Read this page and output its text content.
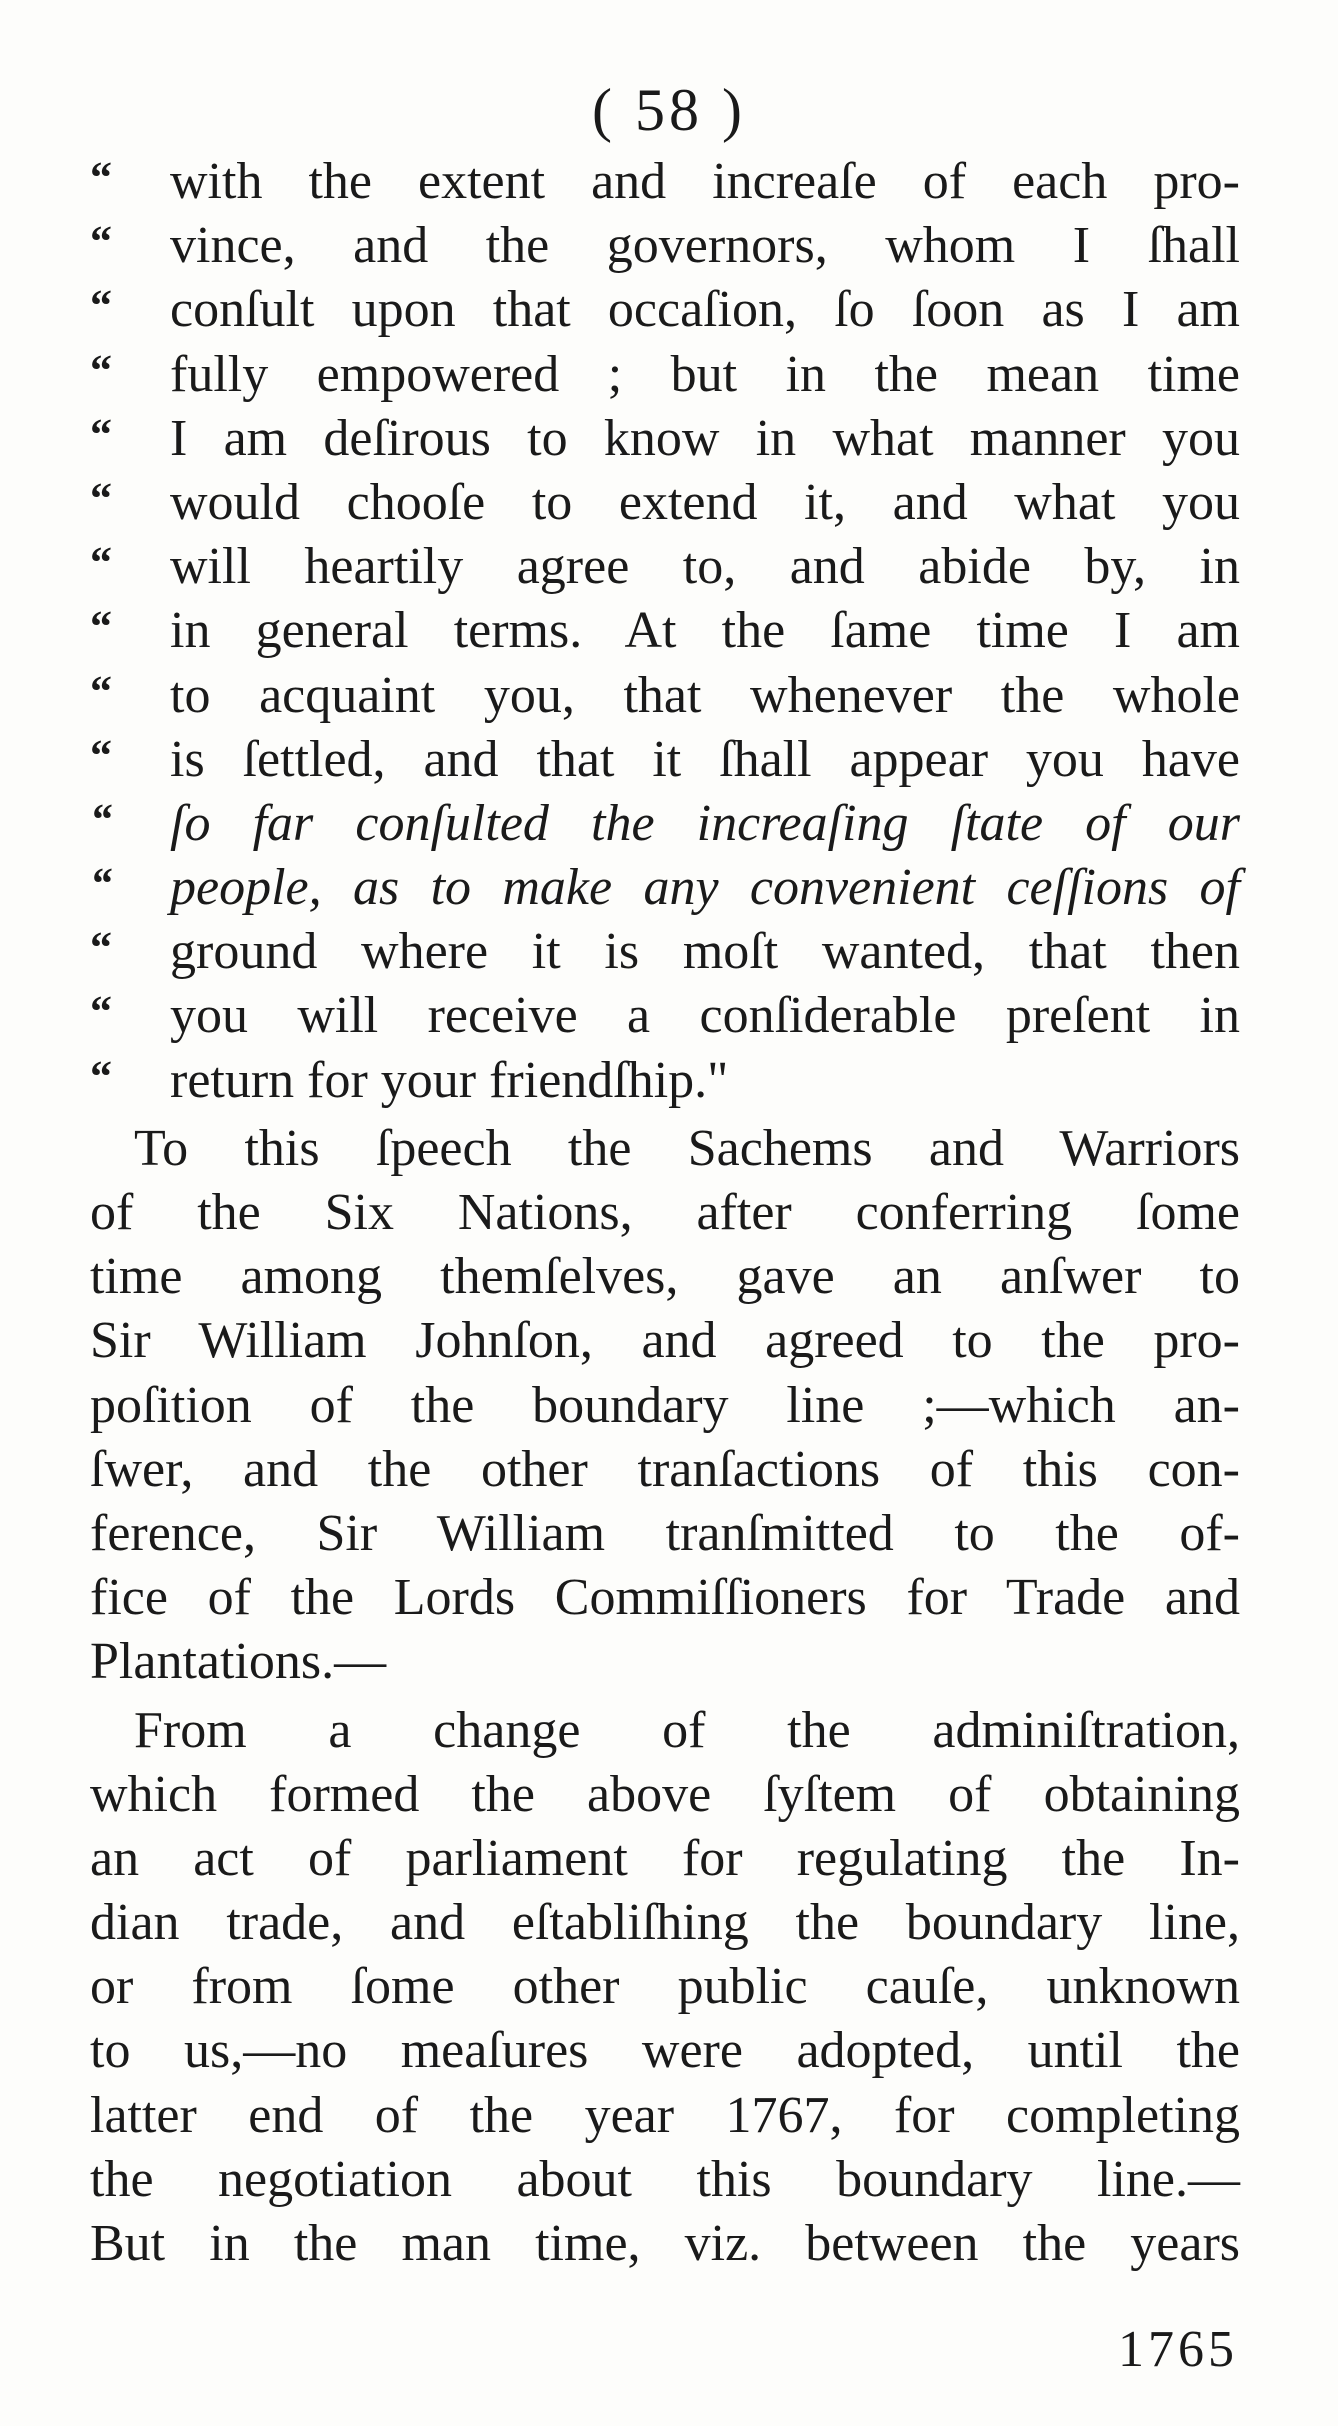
( 58 )
“ with the extent and increaſe of each pro-
“ vince, and the governors, whom I ſhall
“ conſult upon that occaſion, ſo ſoon as I am
“ fully empowered ; but in the mean time
“ I am deſirous to know in what manner you
“ would chooſe to extend it, and what you
“ will heartily agree to, and abide by, in
“ in general terms. At the ſame time I am
“ to acquaint you, that whenever the whole
“ is ſettled, and that it ſhall appear you have
“ ſo far conſulted the increaſing ſtate of our
“ people, as to make any convenient ceſſions of
“ ground where it is moſt wanted, that then
“ you will receive a conſiderable preſent in
“ return for your friendſhip."
To this ſpeech the Sachems and Warriors
of the Six Nations, after conferring ſome
time among themſelves, gave an anſwer to
Sir William Johnſon, and agreed to the pro-
poſition of the boundary line ;—which an-
ſwer, and the other tranſactions of this con-
ference, Sir William tranſmitted to the of-
fice of the Lords Commiſſioners for Trade and
Plantations.—
From a change of the adminiſtration,
which formed the above ſyſtem of obtaining
an act of parliament for regulating the In-
dian trade, and eſtabliſhing the boundary line,
or from ſome other public cauſe, unknown
to us,—no meaſures were adopted, until the
latter end of the year 1767, for completing
the negotiation about this boundary line.—
But in the man time, viz. between the years
1765
